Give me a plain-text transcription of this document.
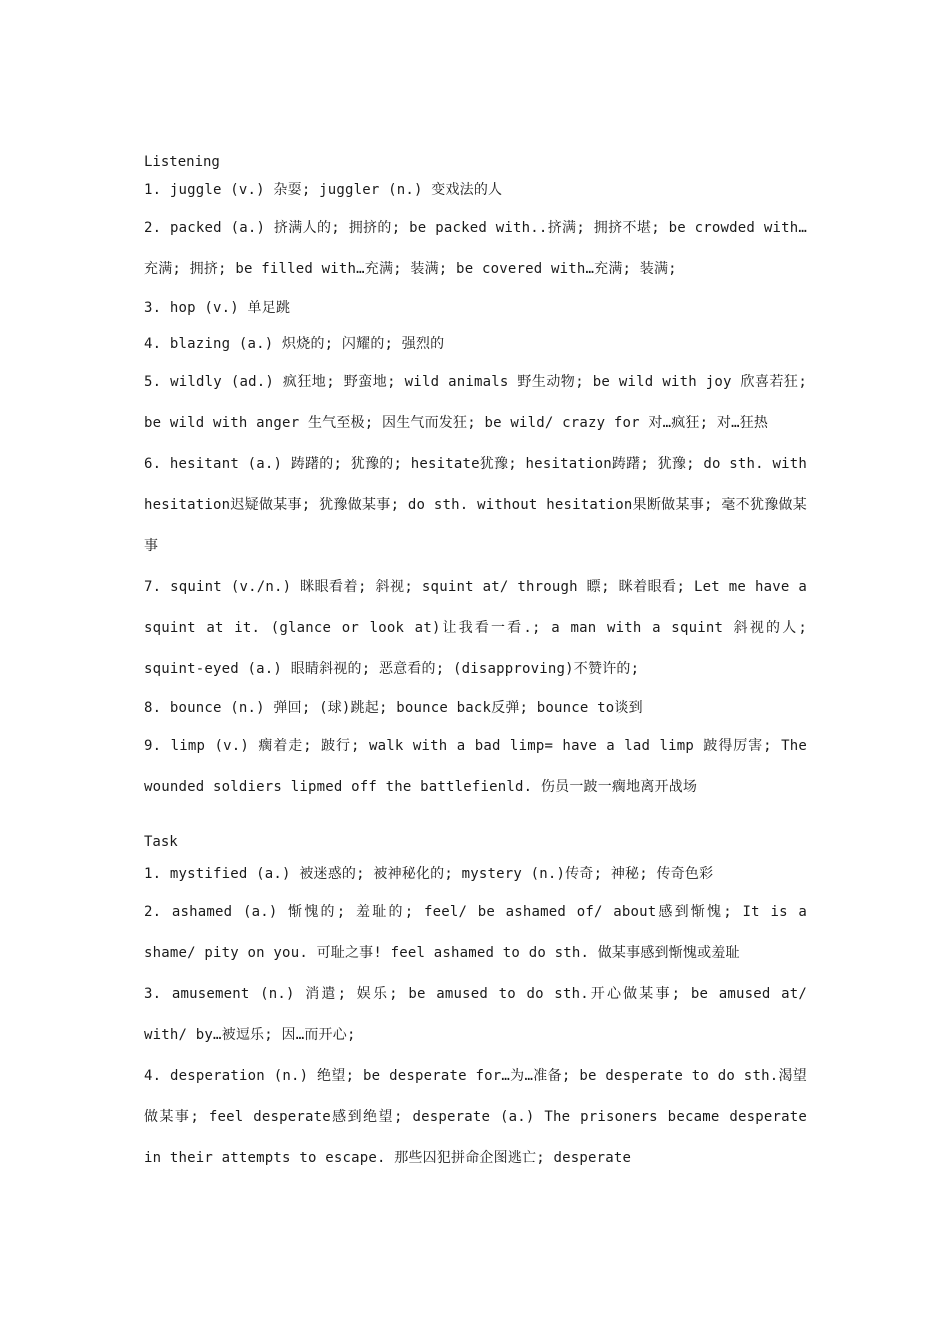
Listening

1. juggle (v.) 杂耍; juggler (n.) 变戏法的人

2. packed (a.) 挤满人的; 拥挤的; be packed with..挤满; 拥挤不堪; be crowded with…充满; 拥挤; be filled with…充满; 装满; be covered with…充满; 装满;

3. hop (v.) 单足跳

4. blazing (a.) 炽烧的; 闪耀的; 强烈的

5. wildly (ad.) 疯狂地; 野蛮地; wild animals 野生动物; be wild with joy 欣喜若狂; be wild with anger 生气至极; 因生气而发狂; be wild/ crazy for 对…疯狂; 对…狂热

6. hesitant (a.) 踌躇的; 犹豫的; hesitate犹豫; hesitation踌躇; 犹豫; do sth. with hesitation迟疑做某事; 犹豫做某事; do sth. without hesitation果断做某事; 毫不犹豫做某事

7. squint (v./n.) 眯眼看着; 斜视; squint at/ through 瞟; 眯着眼看; Let me have a squint at it. (glance or look at)让我看一看.; a man with a squint 斜视的人; squint-eyed (a.) 眼睛斜视的; 恶意看的; (disapproving)不赞许的;

8. bounce (n.) 弹回; (球)跳起; bounce back反弹; bounce to谈到

9. limp (v.) 瘸着走; 跛行; walk with a bad limp= have a lad limp 跛得厉害; The wounded soldiers lipmed off the battlefienld. 伤员一跛一瘸地离开战场

Task

1. mystified (a.) 被迷惑的; 被神秘化的; mystery (n.)传奇; 神秘; 传奇色彩

2. ashamed (a.) 惭愧的; 羞耻的; feel/ be ashamed of/ about感到惭愧; It is a shame/ pity on you. 可耻之事! feel ashamed to do sth. 做某事感到惭愧或羞耻

3. amusement (n.) 消遣; 娱乐; be amused to do sth.开心做某事; be amused at/ with/ by…被逗乐; 因…而开心;

4. desperation (n.) 绝望; be desperate for…为…准备; be desperate to do sth.渴望做某事; feel desperate感到绝望; desperate (a.) The prisoners became desperate in their attempts to escape. 那些囚犯拼命企图逃亡; desperate
